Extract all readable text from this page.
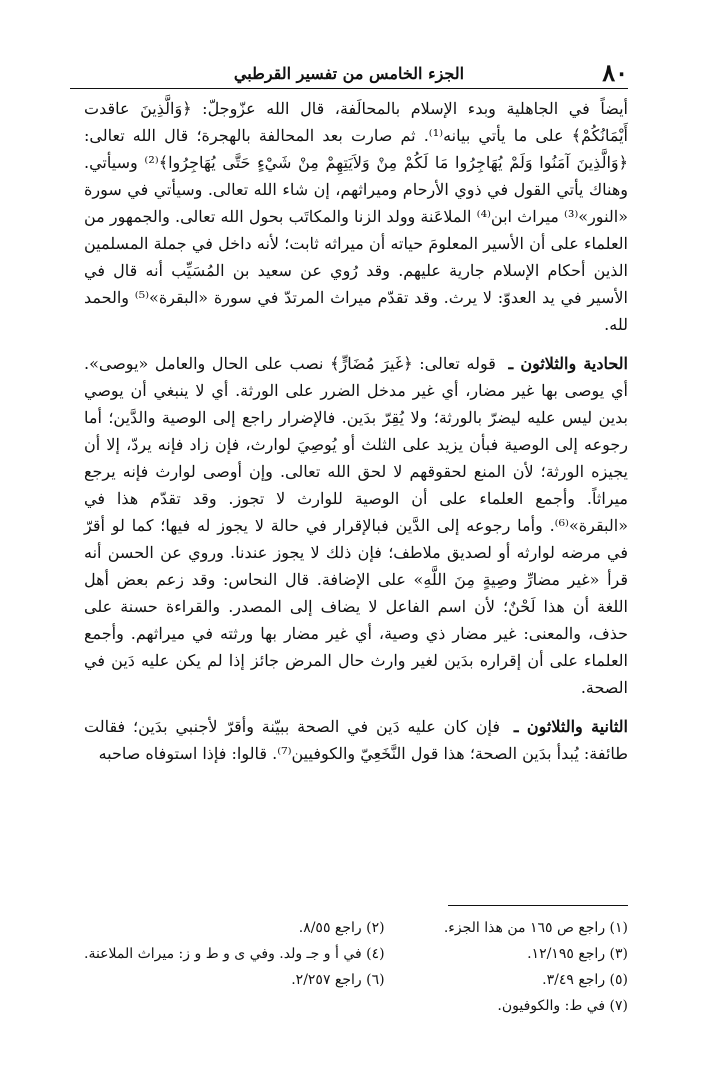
٨٠
الجزء الخامس من تفسير القرطبي

أيضاً في الجاهلية وبدء الإسلام بالمحالَفة، قال الله عزّوجلّ: ﴿وَالَّذِينَ عاقدت أَيْمَانُكُمْ﴾ على ما يأتي بيانه⁽¹⁾. ثم صارت بعد المحالفة بالهجرة؛ قال الله تعالى: ﴿وَالَّذِينَ آمَنُوا وَلَمْ يُهَاجِرُوا مَا لَكُمْ مِنْ وَلاَيَتِهِمْ مِنْ شَيْءٍ حَتَّى يُهَاجِرُوا﴾⁽²⁾ وسيأتي. وهناك يأتي القول في ذوي الأرحام وميراثهم، إن شاء الله تعالى. وسيأتي في سورة «النور»⁽³⁾ ميراث ابن⁽⁴⁾ الملاعَنة وولد الزنا والمكاتَب بحول الله تعالى. والجمهور من العلماء على أن الأسير المعلومَ حياته أن ميراثه ثابت؛ لأنه داخل في جملة المسلمين الذين أحكام الإسلام جارية عليهم. وقد رُوي عن سعيد بن المُسَيِّب أنه قال في الأسير في يد العدوّ: لا يرث. وقد تقدّم ميراث المرتدّ في سورة «البقرة»⁽⁵⁾ والحمد لله.

الحادية والثلاثون ـ قوله تعالى: ﴿غَيرَ مُضَارٍّ﴾ نصب على الحال والعامل «يوصى». أي يوصى بها غير مضار، أي غير مدخل الضرر على الورثة. أي لا ينبغي أن يوصي بدين ليس عليه ليضرّ بالورثة؛ ولا يُقِرّ بدَين. فالإضرار راجع إلى الوصية والدَّين؛ أما رجوعه إلى الوصية فبأن يزيد على الثلث أو يُوصِيَ لوارث، فإن زاد فإنه يردّ، إلا أن يجيزه الورثة؛ لأن المنع لحقوقهم لا لحق الله تعالى. وإن أوصى لوارث فإنه يرجع ميراثاً. وأجمع العلماء على أن الوصية للوارث لا تجوز. وقد تقدّم هذا في «البقرة»⁽⁶⁾. وأما رجوعه إلى الدَّين فبالإقرار في حالة لا يجوز له فيها؛ كما لو أقرّ في مرضه لوارثه أو لصديق ملاطف؛ فإن ذلك لا يجوز عندنا. وروي عن الحسن أنه قرأ «غير مضارِّ وصِيةٍ مِنَ اللَّهِ» على الإضافة. قال النحاس: وقد زعم بعض أهل اللغة أن هذا لَحْنٌ؛ لأن اسم الفاعل لا يضاف إلى المصدر. والقراءة حسنة على حذف، والمعنى: غير مضار ذي وصية، أي غير مضار بها ورثته في ميراثهم. وأجمع العلماء على أن إقراره بدَين لغير وارث حال المرض جائز إذا لم يكن عليه دَين في الصحة.

الثانية والثلاثون ـ فإن كان عليه دَين في الصحة ببيّنة وأقرّ لأجنبي بدَين؛ فقالت طائفة: يُبدأ بدَين الصحة؛ هذا قول النَّخَعِيّ والكوفيين⁽⁷⁾. قالوا: فإذا استوفاه صاحبه

(١) راجع ص ١٦٥ من هذا الجزء.
(٢) راجع ٨/٥٥.
(٣) راجع ١٢/١٩٥.
(٤) في أ و جـ ولد. وفي ى و ط و ز: ميراث الملاعنة.
(٥) راجع ٣/٤٩.
(٦) راجع ٢/٢٥٧.
(٧) في ط: والكوفيون.
